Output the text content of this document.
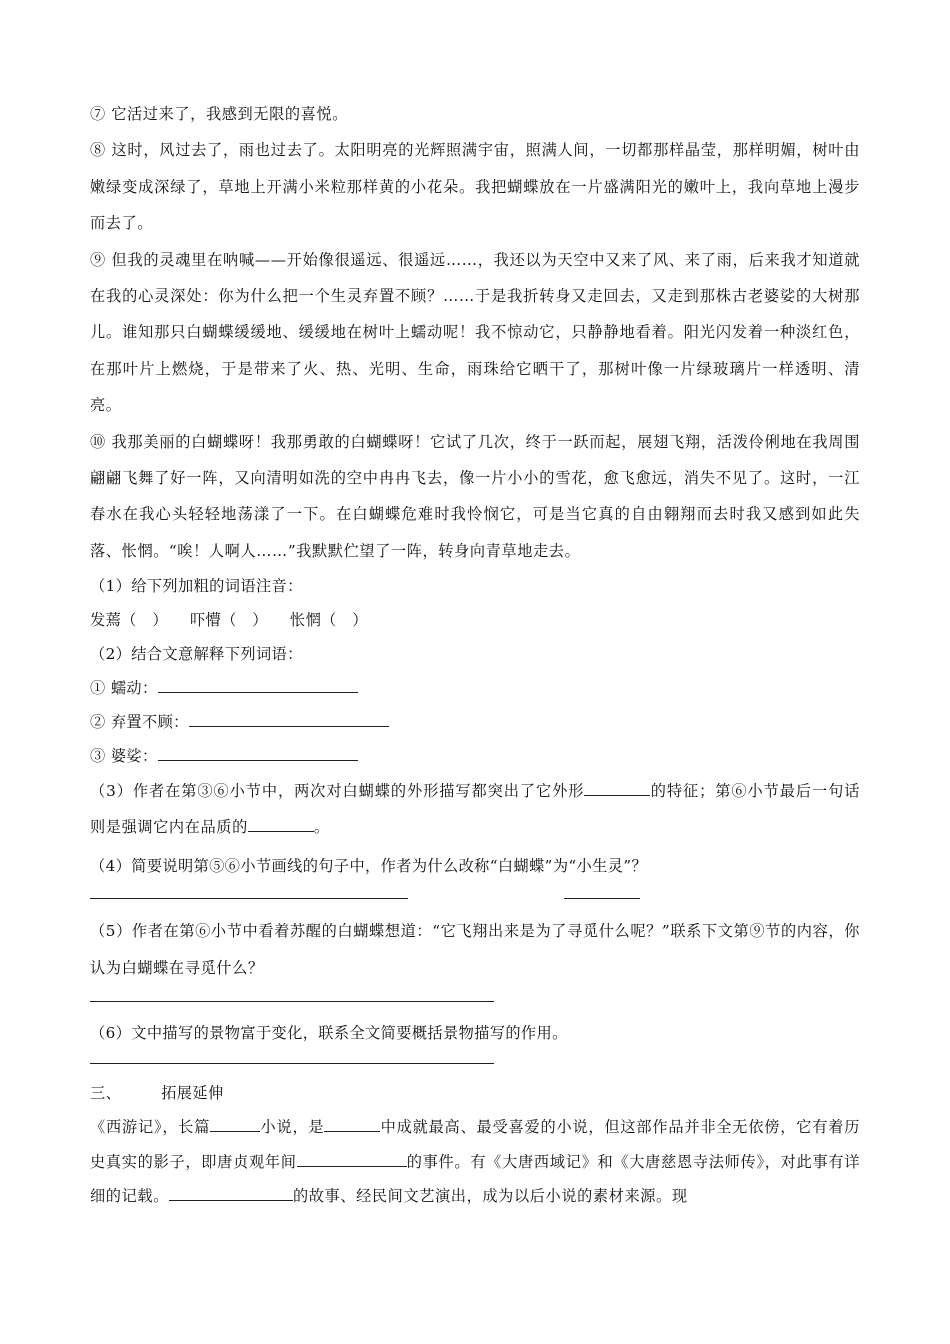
⑦ 它活过来了，我感到无限的喜悦。

⑧ 这时，风过去了，雨也过去了。太阳明亮的光辉照满宇宙，照满人间，一切都那样晶莹，那样明媚，树叶由嫩绿变成深绿了，草地上开满小米粒那样黄的小花朵。我把蝴蝶放在一片盛满阳光的嫩叶上，我向草地上漫步而去了。

⑨ 但我的灵魂里在呐喊——开始像很遥远、很遥远……，我还以为天空中又来了风、来了雨，后来我才知道就在我的心灵深处：你为什么把一个生灵弃置不顾？……于是我折转身又走回去，又走到那株古老婆娑的大树那儿。谁知那只白蝴蝶缓缓地、缓缓地在树叶上蠕动呢！我不惊动它，只静静地看着。阳光闪发着一种淡红色，在那叶片上燃烧，于是带来了火、热、光明、生命，雨珠给它晒干了，那树叶像一片绿玻璃片一样透明、清亮。

⑩ 我那美丽的白蝴蝶呀！我那勇敢的白蝴蝶呀！它试了几次，终于一跃而起，展翅飞翔，活泼伶俐地在我周围翩翩飞舞了好一阵，又向清明如洗的空中冉冉飞去，像一片小小的雪花，愈飞愈远，消失不见了。这时，一江春水在我心头轻轻地荡漾了一下。在白蝴蝶危难时我怜悯它，可是当它真的自由翱翔而去时我又感到如此失落、怅惘。“唉！人啊人……”我默默伫望了一阵，转身向青草地走去。

（1）给下列加粗的词语注音：

发蔫（　） 吓懵（　） 怅惘（　）

（2）结合文意解释下列词语：

① 蠕动：
② 弃置不顾：
③ 婆娑：

（3）作者在第③⑥小节中，两次对白蝴蝶的外形描写都突出了它外形	的特征；第⑥小节最后一句话则是强调它内在品质的	。

（4）简要说明第⑤⑥小节画线的句子中，作者为什么改称“白蝴蝶”为“小生灵”？

（5）作者在第⑥小节中看着苏醒的白蝴蝶想道：“它飞翔出来是为了寻觅什么呢？”联系下文第⑨节的内容，你认为白蝴蝶在寻觅什么？

（6）文中描写的景物富于变化，联系全文简要概括景物描写的作用。

三、	拓展延伸

《西游记》，长篇	小说，是	中成就最高、最受喜爱的小说，但这部作品并非全无依傍，它有着历史真实的影子，即唐贞观年间	的事件。有《大唐西域记》和《大唐慈恩寺法师传》，对此事有详细的记载。	的故事、经民间文艺演出，成为以后小说的素材来源。现
